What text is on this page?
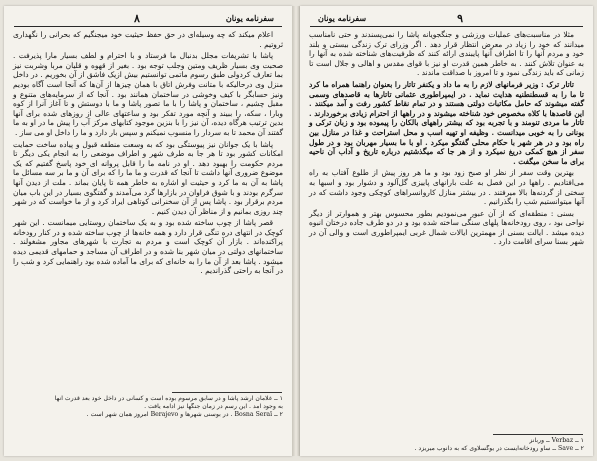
۸	سفرنامه یونان

اعلام میکند که چه وسیله‌ای در حق حفظ حیثیت خود میجنگیم که بحرانی را نگهداری ثروتیم .

پاشا با تشریفات مجلل بدنبال ما فرستاد و با احترام و لطف بسیار مارا پذیرفت . صحبت وی بسیار ظریف ومتین وجلب توجه بود . بغیر از قهوه و قلیان مربا وشربت نیز بما تعارف کردولی طبق رسوم ماتمی توانستیم بیش ازیک فاشق از آن بخوریم . در داخل منزل وی درحالیکه با متانت وفرش اتاق با همان چیز‌ها از آن‌ها که آنجا است آگاه بودیم ونیز حسابگر با کیف وخوشی در ساختمان همانند بود . آنجا که از سرمایه‌های متنوع و مقبل چشیم ، ساختمان و پاشا را با ما تصور پاشا و ما با دوستش و تا آغاز آنرا از کوه وبارا ، سکه، را ببیند و آنچه مورد تفکر بود و ساعتهای عالی از روزهای شده برای آنها بدین ترتیب هرگاه دیده، آن نیز را با بنزین موجود کتابهای مرکز آب را پیش ما در او به ما گفتند آن محمد تا به سردار را منسوب نمیکنم و سپس بار دارد و ما را داخل او می ساز .

پاشا با یک جوانان نیز پیوستگی بود که به وسعت منطقه قبول و پیاده ساخت حمایت امکانات کشور بود تا هر جا به طرف شهر و اطراف موضعی را به انجام یکی دیگر تا مردم حکومت را بهبود دهد . او در نامه ما را قابل پروانه ای خود پاسخ گفتیم که یک موضوع ضروری آنها داشت تا آنجا که قدرت و ما ما را که برای آن و ما بر سه مسائل ما پاشا به آن به ما کرد و حیثیت او اشاره به خاطر همه تا پایان بماند . ملت از دیدن آنها سرگرم بودند و با شوق فراوان در بازارها گرد می‌آمدند و گفتگوی بسیار در این باب میان مردم برقرار بود . پاشا پس از آن سخنرانی کوتاهی ایراد کرد و از ما خواست که در شهر چند روزی بمانیم و از مناظر آن دیدن کنیم .

قصر پاشا از چوب ساخته شده بود و به یک ساختمان روستایی میمانست . این شهر کوچک در انتهای دره تنگی قرار دارد و همه خانه‌ها از چوب ساخته شده و در کنار رودخانه پراکنده‌اند . بازار آن کوچک است و مردم به تجارت با شهرهای مجاور مشغولند . ساختمانهای دولتی در میان شهر بنا شده و در اطراف آن مساجد و حمامهای قدیمی دیده میشود . پاشا بعد از آن ما را به خانه‌ای که برای ما آماده شده بود راهنمایی کرد و شب را در آنجا به راحتی گذراندیم .

۱ ــ غلامان ارشد پاشا و در سابق مرسوم بوده است و کسانی در داخل خود بعد قدرت آنها
به وجود آمد . این رسم در زمان جنگها نیز ادامه یافت .
۲ ــ Bosna Seraï . در بوسنی شهرها و Berajevo امروز همان شهر است .
۹
سفرنامه یونان

مثلا در مناسبت‌های عملیات ورزشی و جنگجویانه پاشا را نمی‌پسندند و حتی نامناسب میدانند که خود را زیاد در معرض انتظار قرار دهد . اگر وزرای ترک زندگی بیستی و بلند خود و مردم آنها را تا اطراف آنها پایبندی ارائه کنند که ظرفیت‌های شناخته شده به آنها را به عنوان تلاش کنند . به خاطر همین قدرت او نیز با قوای مقدس و اهالی و جلال است تا زمانی که باید زندگی نمود و تا امروز با صداقت ماندند .

تاتار ترک : وزیر فرمانهای لازم را به ما داد و یکنفر تاتار را بعنوان راهنما همراه ما کرد تا ما را به قسطنطنیه هدایت نماید . در ایمپراطوری عثمانی تاتارها به قاصدهای وسمی گفته میشوند که حامل مکاتبات دولتی هستند و در تمام نقاط کشور رفت و آمد میکنند . این قاصدها با کلاه مخصوص خود شناخته میشوند و در راهها از احترام زیادی برخوردارند . تاتار ما مردی تنومند و با تجربه بود که بیشتر راههای بالکان را پیموده بود و زبان ترکی و یونانی را به خوبی میدانست . وظیفه او تهیه اسب و محل استراحت و غذا در منازل بین راه بود و در هر شهر با حکام محلی گفتگو میکرد . او با ما بسیار مهربان بود و در طول سفر از هیچ کمکی دریغ نمیکرد و از هر جا که میگذشتیم درباره تاریخ و آداب آن ناحیه برای ما سخن میگفت .

بهترین وقت سفر از نظر او صبح زود بود و ما هر روز پیش از طلوع آفتاب به راه می‌افتادیم . راهها در این فصل به علت بارانهای پاییزی گل‌آلود و دشوار بود و اسبها به سختی از گردنه‌ها بالا میرفتند . در بیشتر منازل کاروانسراهای کوچکی وجود داشت که در آنها میتوانستیم شب را بگذرانیم .

بسنی : منطقه‌ای که از آن عبور می‌نمودیم بطور محسوس بهتر و هموارتر از دیگر نواحی بود ، روی رودخانه‌ها پلهای سنگی ساخته شده بود و در دو طرف جاده درختان انبوه دیده میشد . ایالت بسنی از مهمترین ایالات شمال غربی ایمپراطوری است و والی آن در شهر بسنا سرای اقامت دارد .

۱ ــ Verbaz ــ وربانز
۲ ــ Save ــ ساو رودخانه‌ایست در یوگسلاوی که به دانوب میریزد .
